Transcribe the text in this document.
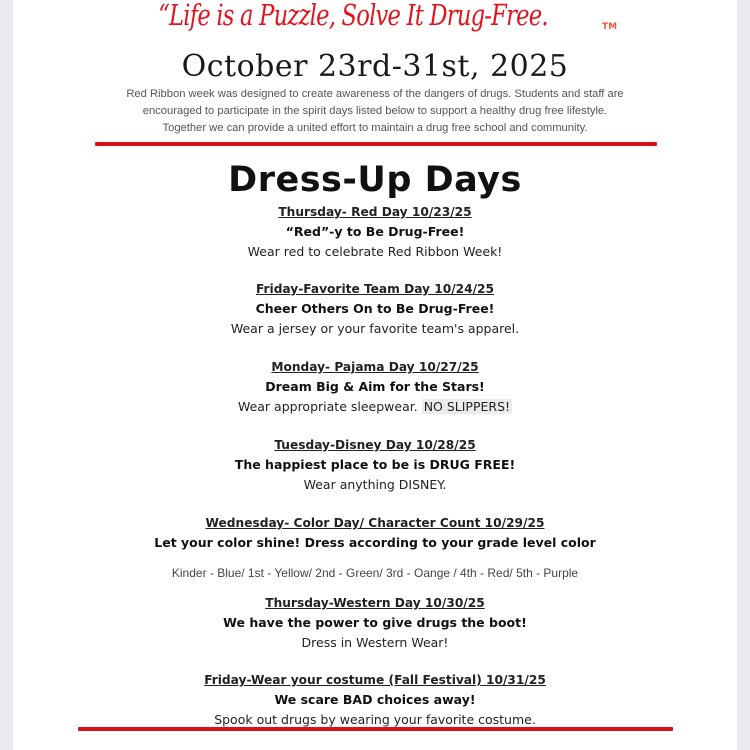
“Life is a Puzzle, Solve It Drug-Free.	TM
October 23rd-31st, 2025
Red Ribbon week was designed to create awareness of the dangers of drugs. Students and staff are
encouraged to participate in the spirit days listed below to support a healthy drug free lifestyle.
Together we can provide a united effort to maintain a drug free school and community.
Dress-Up Days
Thursday- Red Day 10/23/25
“Red”-y to Be Drug-Free!
Wear red to celebrate Red Ribbon Week!
Friday-Favorite Team Day 10/24/25
Cheer Others On to Be Drug-Free!
Wear a jersey or your favorite team's apparel.
Monday- Pajama Day 10/27/25
Dream Big & Aim for the Stars!
Wear appropriate sleepwear. NO SLIPPERS!
Tuesday-Disney Day 10/28/25
The happiest place to be is DRUG FREE!
Wear anything DISNEY.
Wednesday- Color Day/ Character Count 10/29/25
Let your color shine! Dress according to your grade level color
Kinder - Blue/ 1st - Yellow/ 2nd - Green/ 3rd - Oange / 4th - Red/ 5th - Purple
Thursday-Western Day 10/30/25
We have the power to give drugs the boot!
Dress in Western Wear!
Friday-Wear your costume (Fall Festival) 10/31/25
We scare BAD choices away!
Spook out drugs by wearing your favorite costume.
